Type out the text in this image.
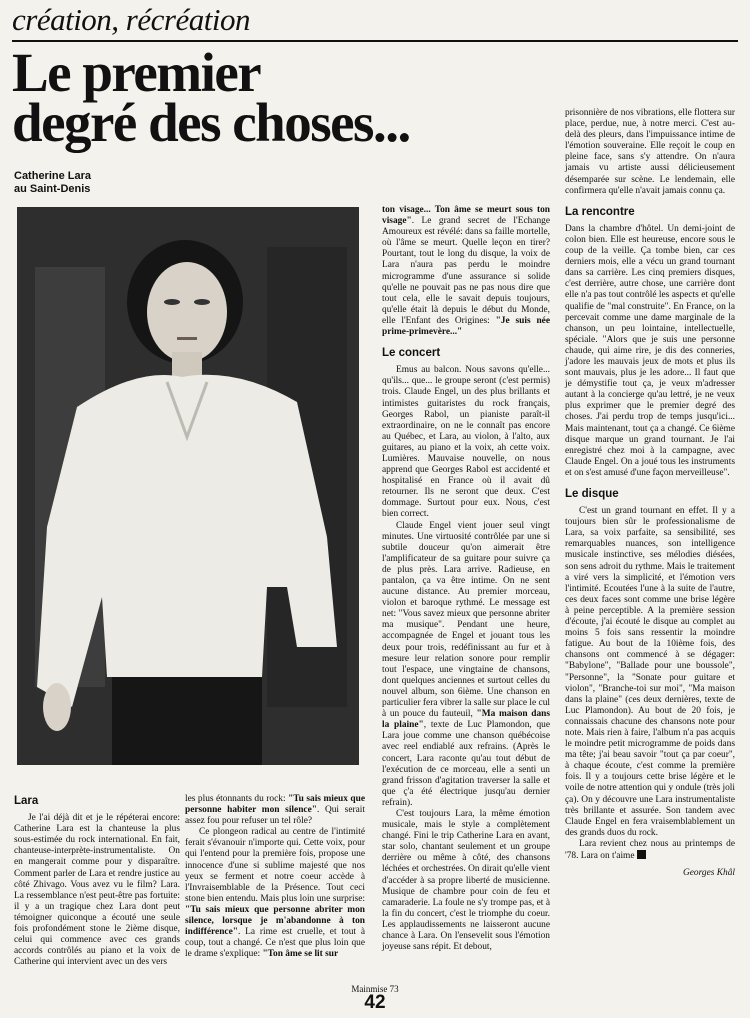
création, récréation
Le premier
degré des choses...
Catherine Lara
au Saint-Denis
Lara

Je l'ai déjà dit et je le répéterai encore: Catherine Lara est la chanteuse la plus sous-estimée du rock international. En fait, chanteuse-interprète-instrumentaliste. On en mangerait comme pour y disparaître. Comment parler de Lara et rendre justice au côté Zhivago. Vous avez vu le film? Lara. La ressemblance n'est peut-être pas fortuite: il y a un tragique chez Lara dont peut témoigner quiconque a écouté une seule fois profondément stone le 2ième disque, celui qui commence avec ces grands accords contrôlés au piano et la voix de Catherine qui intervient avec un des vers

les plus étonnants du rock: "Tu sais mieux que personne habiter mon silence". Qui serait assez fou pour refuser un tel rôle?

Ce plongeon radical au centre de l'intimité ferait s'évanouir n'importe qui. Cette voix, pour qui l'entend pour la première fois, propose une innocence d'une si sublime majesté que nos yeux se ferment et notre coeur accède à l'Invraisemblable de la Présence. Tout ceci stone bien entendu. Mais plus loin une surprise: "Tu sais mieux que personne abriter mon silence, lorsque je m'abandonne à ton indifférence". La rime est cruelle, et tout à coup, tout a changé. Ce n'est que plus loin que le drame s'explique: "Ton âme se lit sur

ton visage... Ton âme se meurt sous ton visage". Le grand secret de l'Echange Amoureux est révélé: dans sa faille mortelle, où l'âme se meurt. Quelle leçon en tirer? Pourtant, tout le long du disque, la voix de Lara n'aura pas perdu le moindre microgramme d'une assurance si solide qu'elle ne pouvait pas ne pas nous dire que tout cela, elle le savait depuis toujours, qu'elle était là depuis le début du Monde, elle l'Enfant des Origines: "Je suis née prime-primevère..."

Le concert

Emus au balcon. Nous savons qu'elle... qu'ils... que... le groupe seront (c'est permis) trois. Claude Engel, un des plus brillants et intimistes guitaristes du rock français, Georges Rabol, un pianiste paraît-il extraordinaire, on ne le connaît pas encore au Québec, et Lara, au violon, à l'alto, aux guitares, au piano et la voix, ah cette voix. Lumières. Mauvaise nouvelle, on nous apprend que Georges Rabol est accidenté et hospitalisé en France où il avait dû retourner. Ils ne seront que deux. C'est dommage. Surtout pour eux. Nous, c'est bien correct.

Claude Engel vient jouer seul vingt minutes. Une virtuosité contrôlée par une si subtile douceur qu'on aimerait être l'amplificateur de sa guitare pour suivre ça de plus près. Lara arrive. Radieuse, en pantalon, ça va être intime. On ne sent aucune distance. Au premier morceau, violon et baroque rythmé. Le message est net: "Vous savez mieux que personne abriter ma musique". Pendant une heure, accompagnée de Engel et jouant tous les deux pour trois, redéfinissant au fur et à mesure leur relation sonore pour remplir tout l'espace, une vingtaine de chansons, dont quelques anciennes et surtout celles du nouvel album, son 6ième. Une chanson en particulier fera vibrer la salle sur place le cul à un pouce du fauteuil, "Ma maison dans la plaine", texte de Luc Plamondon, que Lara joue comme une chanson québécoise avec reel endiablé aux refrains. (Après le concert, Lara raconte qu'au tout début de l'exécution de ce morceau, elle a senti un grand frisson d'agitation traverser la salle et que ç'a été électrique jusqu'au dernier refrain).

C'est toujours Lara, la même émotion musicale, mais le style a complètement changé. Fini le trip Catherine Lara en avant, star solo, chantant seulement et un groupe derrière ou même à côté, des chansons léchées et orchestrées. On dirait qu'elle vient d'accéder à sa propre liberté de musicienne. Musique de chambre pour coin de feu et camaraderie. La foule ne s'y trompe pas, et à la fin du concert, c'est le triomphe du coeur. Les applaudissements ne laisseront aucune chance à Lara. On l'ensevelit sous l'émotion joyeuse sans répit. Et debout,

prisonnière de nos vibrations, elle flottera sur place, perdue, nue, à notre merci. C'est au-delà des pleurs, dans l'impuissance intime de l'émotion souveraine. Elle reçoit le coup en pleine face, sans s'y attendre. On n'aura jamais vu artiste aussi délicieusement désemparée sur scène. Le lendemain, elle confirmera qu'elle n'avait jamais connu ça.

La rencontre

Dans la chambre d'hôtel. Un demi-joint de colon bien. Elle est heureuse, encore sous le coup de la veille. Ça tombe bien, car ces derniers mois, elle a vécu un grand tournant dans sa carrière. Les cinq premiers disques, c'est derrière, autre chose, une carrière dont elle n'a pas tout contrôlé les aspects et qu'elle qualifie de "mal construite". En France, on la percevait comme une dame marginale de la chanson, un peu lointaine, intellectuelle, spéciale. "Alors que je suis une personne chaude, qui aime rire, je dis des conneries, j'adore les mauvais jeux de mots et plus ils sont mauvais, plus je les adore... Il faut que je démystifie tout ça, je veux m'adresser autant à la concierge qu'au lettré, je ne veux plus exprimer que le premier degré des choses. J'ai perdu trop de temps jusqu'ici... Mais maintenant, tout ça a changé. Ce 6ième disque marque un grand tournant. Je l'ai enregistré chez moi à la campagne, avec Claude Engel. On a joué tous les instruments et on s'est amusé d'une façon merveilleuse".

Le disque

C'est un grand tournant en effet. Il y a toujours bien sûr le professionalisme de Lara, sa voix parfaite, sa sensibilité, ses remarquables nuances, son intelligence musicale instinctive, ses mélodies diésées, son sens adroit du rythme. Mais le traitement a viré vers la simplicité, et l'émotion vers l'intimité. Ecoutées l'une à la suite de l'autre, ces deux faces sont comme une brise légère à peine perceptible. A la première session d'écoute, j'ai écouté le disque au complet au moins 5 fois sans ressentir la moindre fatigue. Au bout de la 10ième fois, des chansons ont commencé à se dégager: "Babylone", "Ballade pour une boussole", "Personne", la "Sonate pour guitare et violon", "Branche-toi sur moi", "Ma maison dans la plaine" (ces deux dernières, texte de Luc Plamondon). Au bout de 20 fois, je connaissais chacune des chansons note pour note. Mais rien à faire, l'album n'a pas acquis le moindre petit microgramme de poids dans ma tête; j'ai beau savoir "tout ça par coeur", à chaque écoute, c'est comme la première fois. Il y a toujours cette brise légère et le voile de notre attention qui y ondule (très joli ça). On y découvre une Lara instrumentaliste très brillante et assurée. Son tandem avec Claude Engel en fera vraisemblablement un des grands duos du rock.

Lara revient chez nous au printemps de '78. Lara on t'aime

Georges Khâl
Mainmise 73
42
